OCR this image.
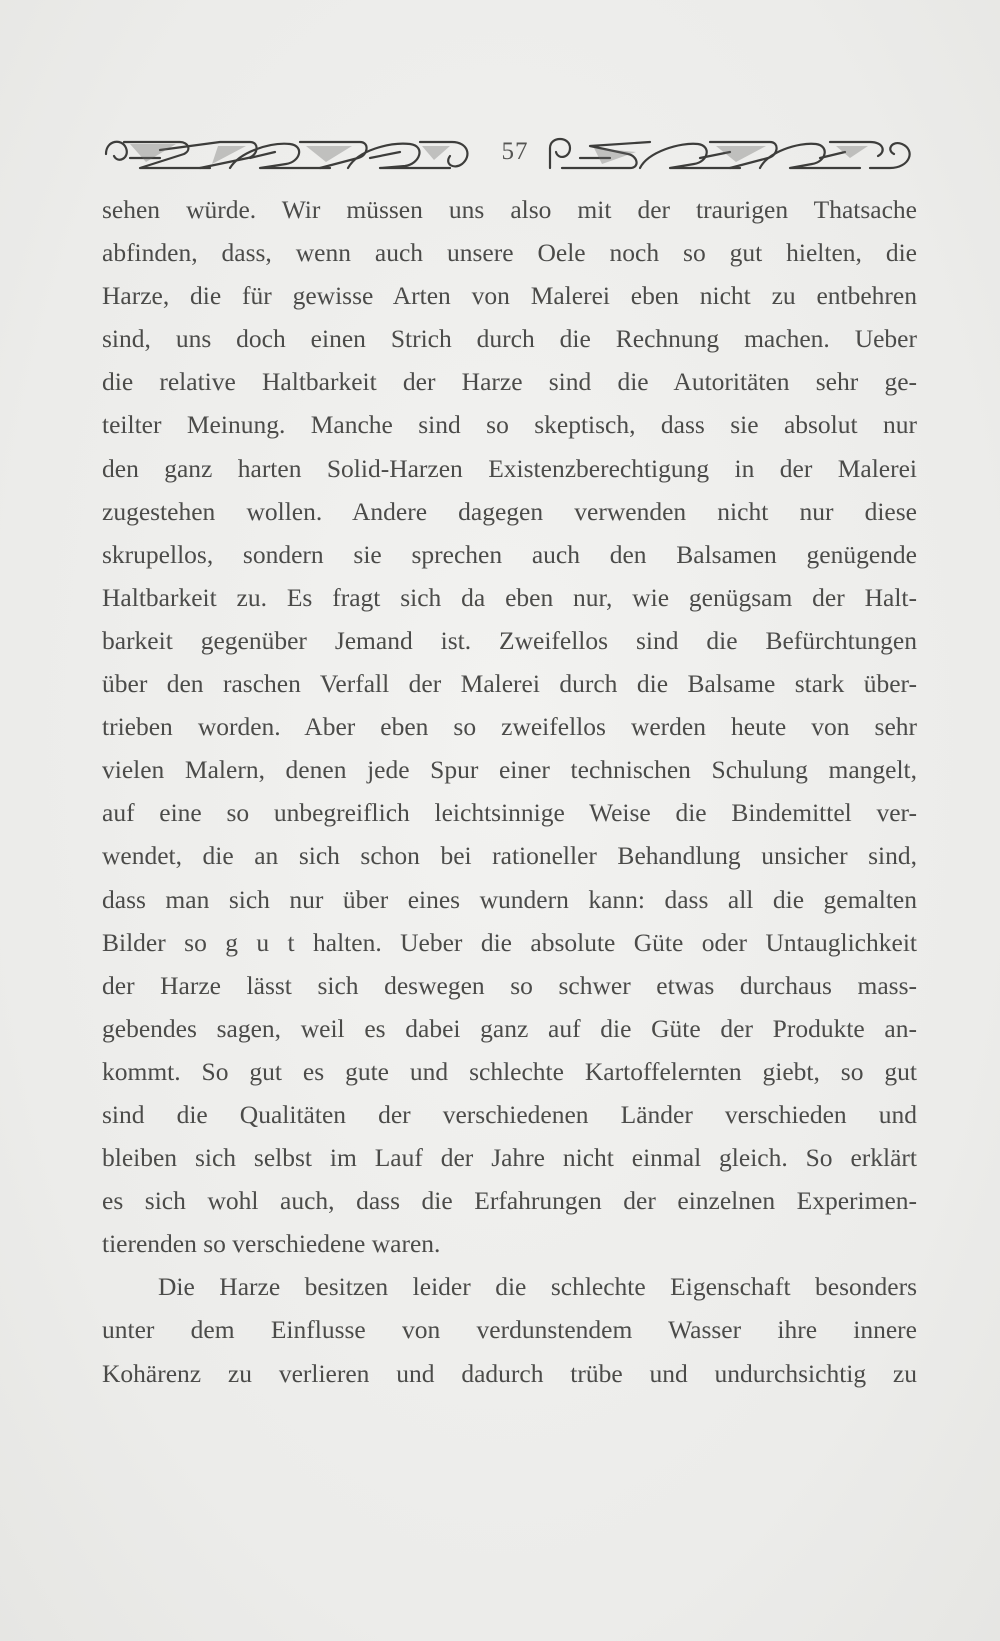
57
sehen würde. Wir müssen uns also mit der traurigen Thatsache
abfinden, dass, wenn auch unsere Oele noch so gut hielten, die
Harze, die für gewisse Arten von Malerei eben nicht zu entbehren
sind, uns doch einen Strich durch die Rechnung machen. Ueber
die relative Haltbarkeit der Harze sind die Autoritäten sehr ge-
teilter Meinung. Manche sind so skeptisch, dass sie absolut nur
den ganz harten Solid-Harzen Existenzberechtigung in der Malerei
zugestehen wollen. Andere dagegen verwenden nicht nur diese
skrupellos, sondern sie sprechen auch den Balsamen genügende
Haltbarkeit zu. Es fragt sich da eben nur, wie genügsam der Halt-
barkeit gegenüber Jemand ist. Zweifellos sind die Befürchtungen
über den raschen Verfall der Malerei durch die Balsame stark über-
trieben worden. Aber eben so zweifellos werden heute von sehr
vielen Malern, denen jede Spur einer technischen Schulung mangelt,
auf eine so unbegreiflich leichtsinnige Weise die Bindemittel ver-
wendet, die an sich schon bei rationeller Behandlung unsicher sind,
dass man sich nur über eines wundern kann: dass all die gemalten
Bilder so g u t halten. Ueber die absolute Güte oder Untauglichkeit
der Harze lässt sich deswegen so schwer etwas durchaus mass-
gebendes sagen, weil es dabei ganz auf die Güte der Produkte an-
kommt. So gut es gute und schlechte Kartoffelernten giebt, so gut
sind die Qualitäten der verschiedenen Länder verschieden und
bleiben sich selbst im Lauf der Jahre nicht einmal gleich. So erklärt
es sich wohl auch, dass die Erfahrungen der einzelnen Experimen-
tierenden so verschiedene waren.
Die Harze besitzen leider die schlechte Eigenschaft besonders
unter dem Einflusse von verdunstendem Wasser ihre innere
Kohärenz zu verlieren und dadurch trübe und undurchsichtig zu
